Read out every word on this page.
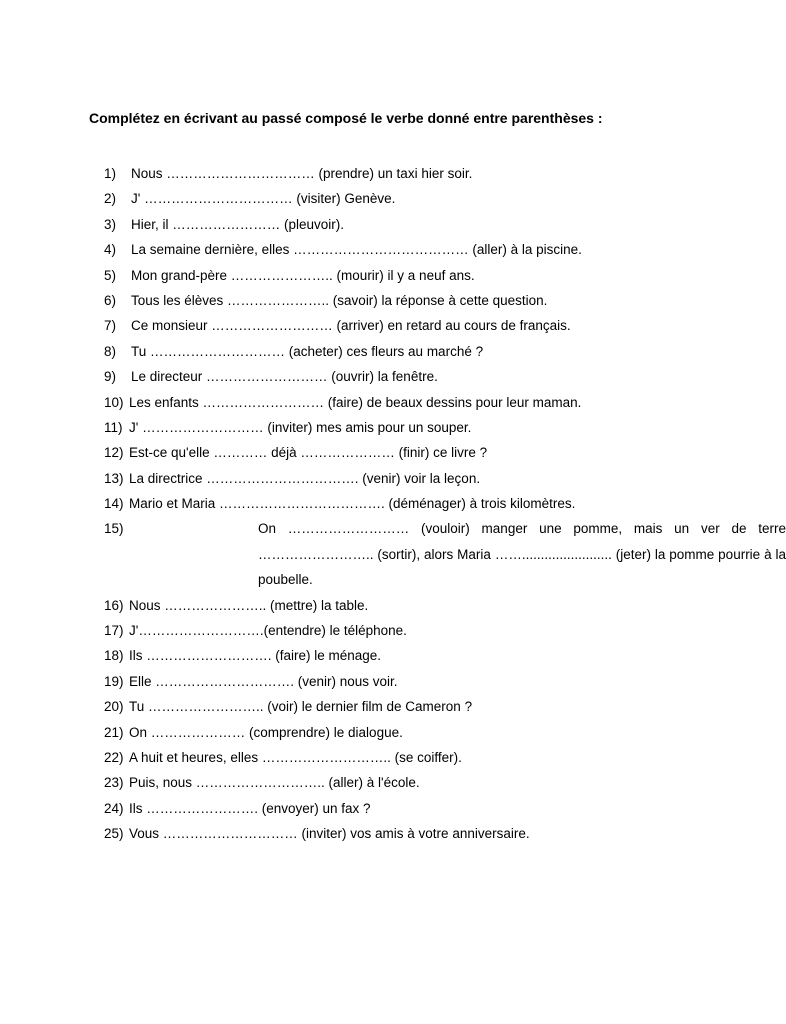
Complétez en écrivant au passé composé le verbe donné entre parenthèses :
1)	Nous …………………………… (prendre) un taxi hier soir.
2)	J' …………………………… (visiter) Genève.
3)	Hier, il …………………… (pleuvoir).
4)	La semaine dernière, elles ………………………………… (aller) à la piscine.
5)	Mon grand-père ………………….. (mourir) il y a neuf ans.
6)	Tous les élèves ………………….. (savoir) la réponse à cette question.
7)	Ce monsieur ……………………… (arriver) en retard au cours de français.
8)	Tu ………………………… (acheter) ces fleurs au marché ?
9)	Le directeur ……………………… (ouvrir) la fenêtre.
10) Les enfants ……………………… (faire) de beaux dessins pour leur maman.
11) J' ……………………… (inviter) mes amis pour un souper.
12) Est-ce qu'elle ………… déjà ………………… (finir) ce livre ?
13) La directrice ……………………………. (venir) voir la leçon.
14) Mario et Maria ………………………………. (déménager) à trois kilomètres.
15)	On ……………………… (vouloir) manger une pomme, mais un ver de terre …………………….. (sortir), alors Maria ……........................ (jeter) la pomme pourrie à la poubelle.
16) Nous ………………….. (mettre) la table.
17) J'……………………….(entendre) le téléphone.
18) Ils ………………………. (faire) le ménage.
19) Elle …………………………. (venir) nous voir.
20) Tu …………………….. (voir) le dernier film de Cameron ?
21) On ………………… (comprendre) le dialogue.
22) A huit et heures, elles ……………………….. (se coiffer).
23) Puis, nous ……………………….. (aller) à l'école.
24) Ils ……………………. (envoyer) un fax ?
25) Vous ………………………… (inviter) vos amis à votre anniversaire.
